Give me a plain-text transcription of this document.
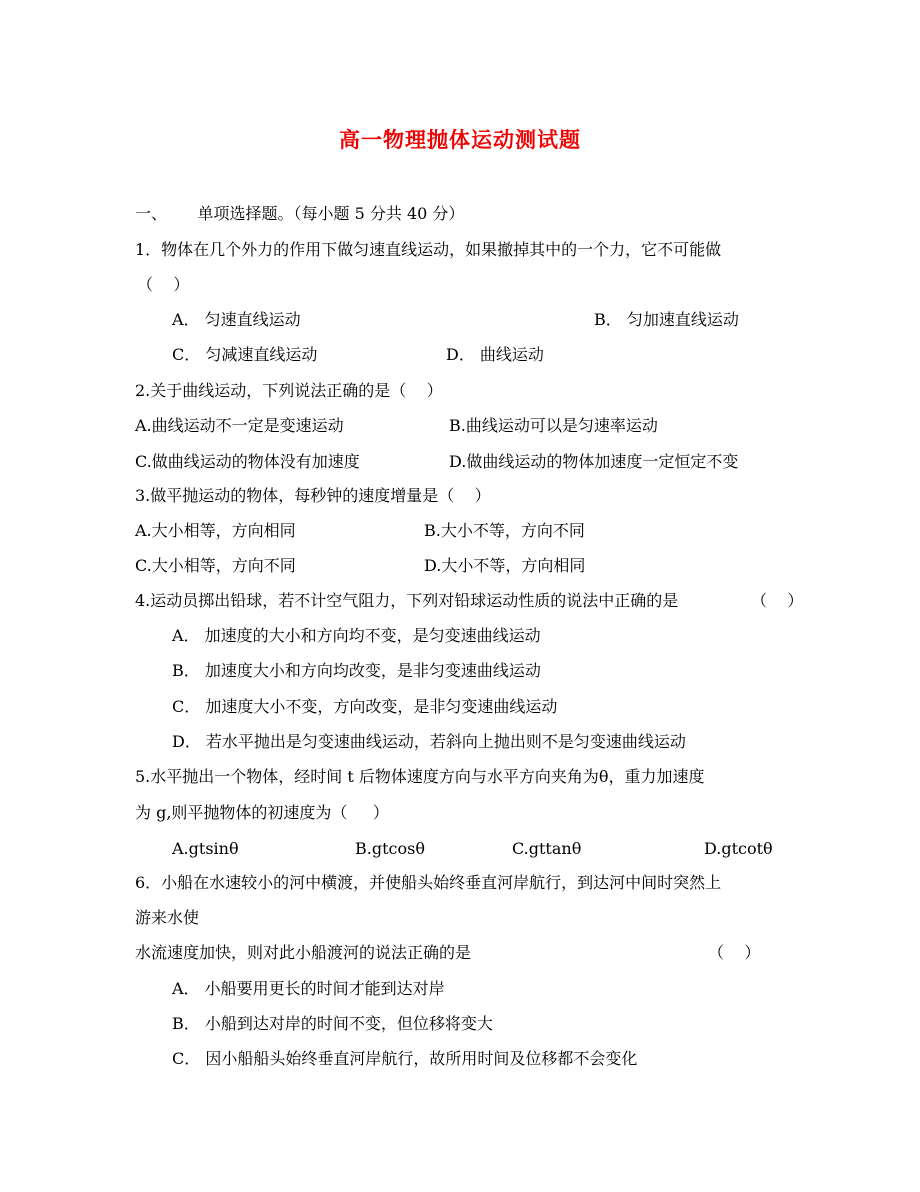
高一物理抛体运动测试题
一、      单项选择题。（每小题 5 分共 40 分）
1．物体在几个外力的作用下做匀速直线运动，如果撤掉其中的一个力，它不可能做
（    ）
A． 匀速直线运动	B． 匀加速直线运动
C． 匀减速直线运动	D． 曲线运动
2.关于曲线运动，下列说法正确的是（    ）
A.曲线运动不一定是变速运动	B.曲线运动可以是匀速率运动
C.做曲线运动的物体没有加速度	D.做曲线运动的物体加速度一定恒定不变
3.做平抛运动的物体，每秒钟的速度增量是（    ）
A.大小相等，方向相同	B.大小不等，方向不同
C.大小相等，方向不同	D.大小不等，方向相同
4.运动员掷出铅球，若不计空气阻力，下列对铅球运动性质的说法中正确的是	（    ）
A． 加速度的大小和方向均不变，是匀变速曲线运动
B． 加速度大小和方向均改变，是非匀变速曲线运动
C． 加速度大小不变，方向改变，是非匀变速曲线运动
D． 若水平抛出是匀变速曲线运动，若斜向上抛出则不是匀变速曲线运动
5.水平抛出一个物体，经时间 t 后物体速度方向与水平方向夹角为θ，重力加速度
为 g,则平抛物体的初速度为（     ）
A.gtsinθ	B.gtcosθ	C.gttanθ	D.gtcotθ
6．小船在水速较小的河中横渡，并使船头始终垂直河岸航行，到达河中间时突然上
游来水使
水流速度加快，则对此小船渡河的说法正确的是	（    ）
A． 小船要用更长的时间才能到达对岸
B． 小船到达对岸的时间不变，但位移将变大
C． 因小船船头始终垂直河岸航行，故所用时间及位移都不会变化
